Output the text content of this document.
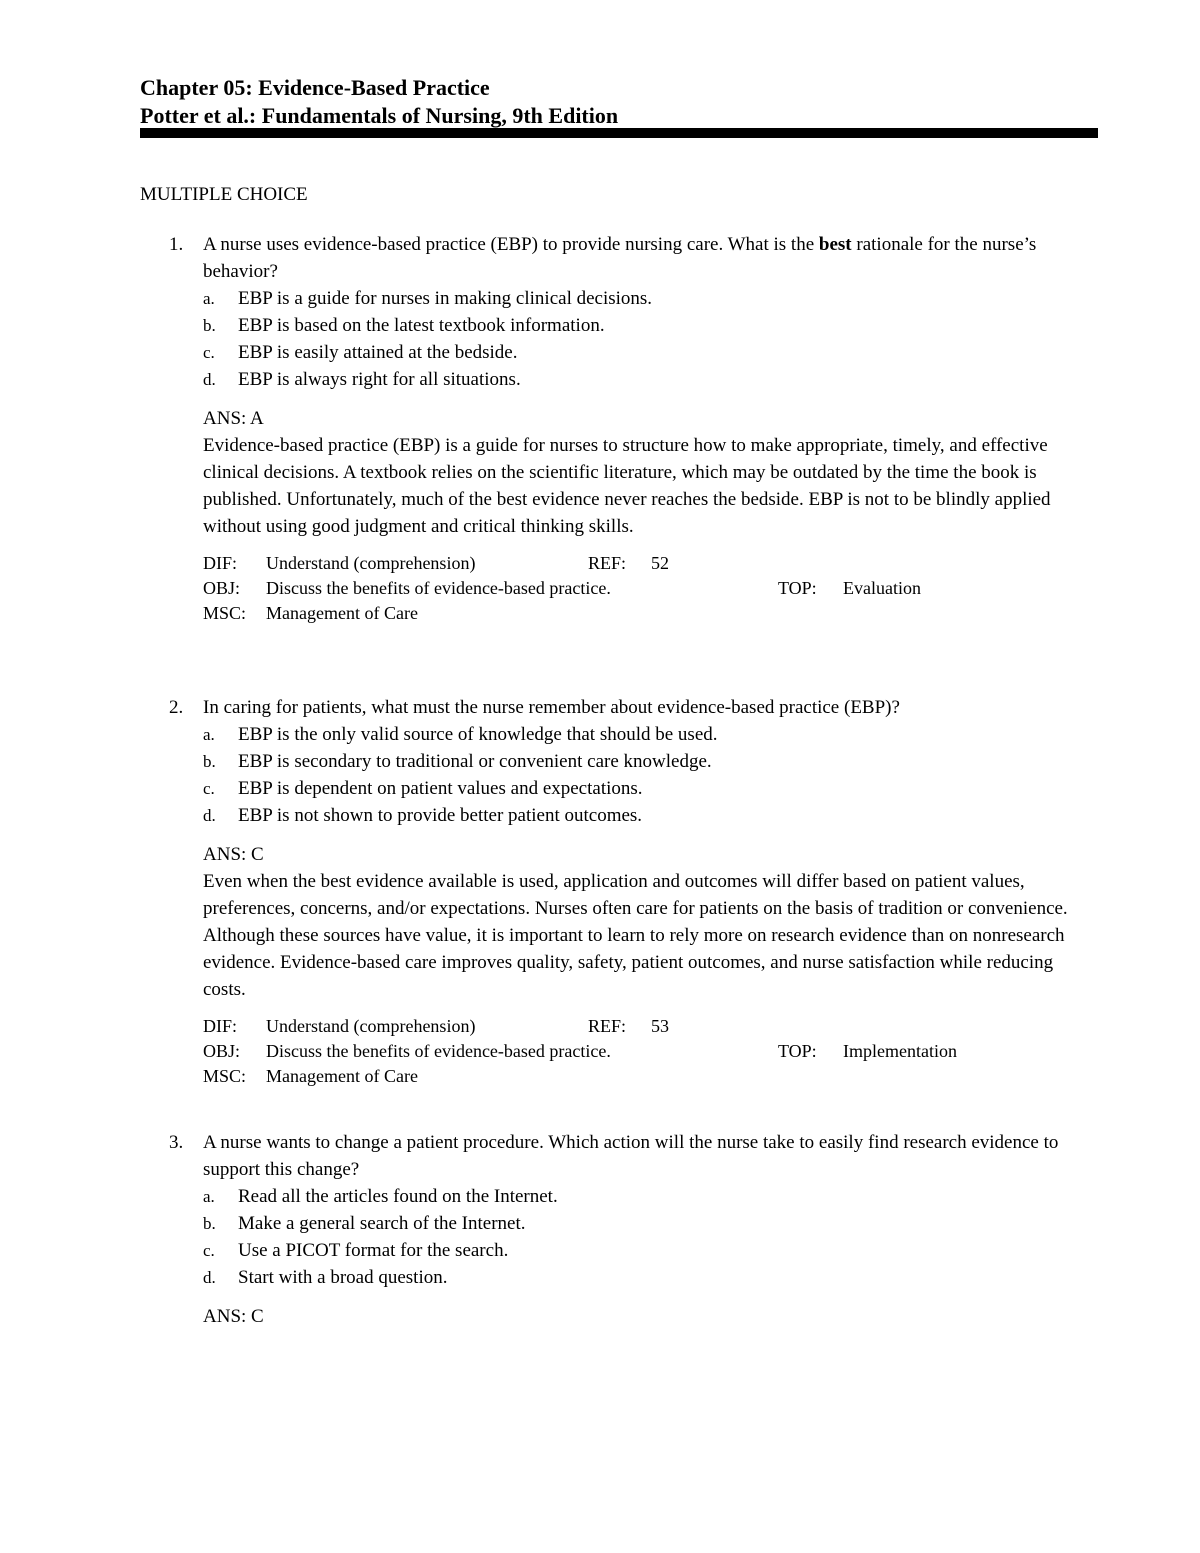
Chapter 05: Evidence-Based Practice
Potter et al.: Fundamentals of Nursing, 9th Edition
MULTIPLE CHOICE
1. A nurse uses evidence-based practice (EBP) to provide nursing care. What is the best rationale for the nurse’s behavior?
a. EBP is a guide for nurses in making clinical decisions.
b. EBP is based on the latest textbook information.
c. EBP is easily attained at the bedside.
d. EBP is always right for all situations.
ANS: A
Evidence-based practice (EBP) is a guide for nurses to structure how to make appropriate, timely, and effective clinical decisions. A textbook relies on the scientific literature, which may be outdated by the time the book is published. Unfortunately, much of the best evidence never reaches the bedside. EBP is not to be blindly applied without using good judgment and critical thinking skills.
DIF: Understand (comprehension)	REF: 52
OBJ: Discuss the benefits of evidence-based practice.	TOP: Evaluation
MSC: Management of Care
2. In caring for patients, what must the nurse remember about evidence-based practice (EBP)?
a. EBP is the only valid source of knowledge that should be used.
b. EBP is secondary to traditional or convenient care knowledge.
c. EBP is dependent on patient values and expectations.
d. EBP is not shown to provide better patient outcomes.
ANS: C
Even when the best evidence available is used, application and outcomes will differ based on patient values, preferences, concerns, and/or expectations. Nurses often care for patients on the basis of tradition or convenience. Although these sources have value, it is important to learn to rely more on research evidence than on nonresearch evidence. Evidence-based care improves quality, safety, patient outcomes, and nurse satisfaction while reducing costs.
DIF: Understand (comprehension)	REF: 53
OBJ: Discuss the benefits of evidence-based practice.	TOP: Implementation
MSC: Management of Care
3. A nurse wants to change a patient procedure. Which action will the nurse take to easily find research evidence to support this change?
a. Read all the articles found on the Internet.
b. Make a general search of the Internet.
c. Use a PICOT format for the search.
d. Start with a broad question.
ANS: C
